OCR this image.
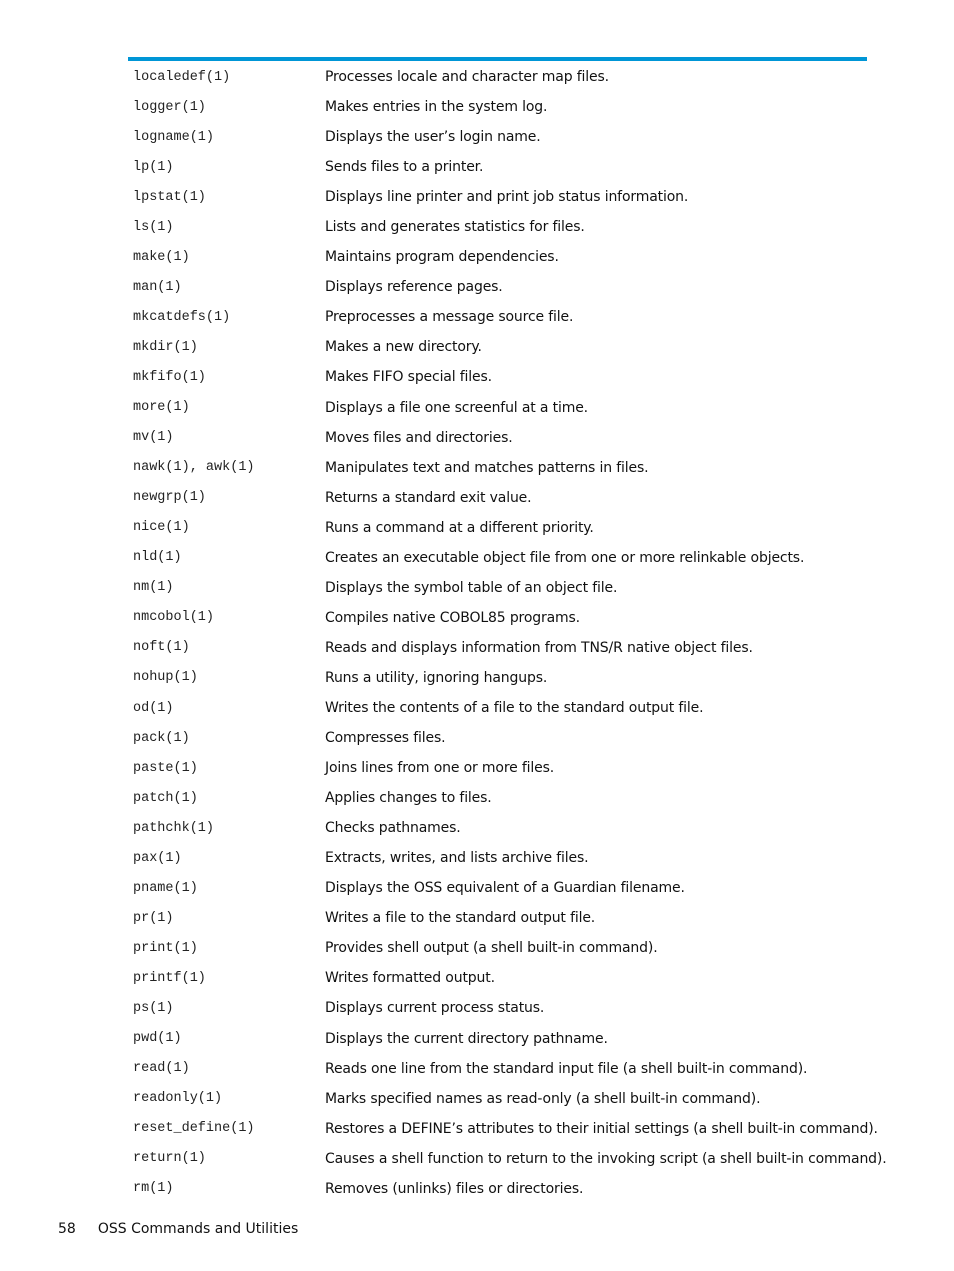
localedef(1)	Processes locale and character map files.
logger(1)	Makes entries in the system log.
logname(1)	Displays the user’s login name.
lp(1)	Sends files to a printer.
lpstat(1)	Displays line printer and print job status information.
ls(1)	Lists and generates statistics for files.
make(1)	Maintains program dependencies.
man(1)	Displays reference pages.
mkcatdefs(1)	Preprocesses a message source file.
mkdir(1)	Makes a new directory.
mkfifo(1)	Makes FIFO special files.
more(1)	Displays a file one screenful at a time.
mv(1)	Moves files and directories.
nawk(1), awk(1)	Manipulates text and matches patterns in files.
newgrp(1)	Returns a standard exit value.
nice(1)	Runs a command at a different priority.
nld(1)	Creates an executable object file from one or more relinkable objects.
nm(1)	Displays the symbol table of an object file.
nmcobol(1)	Compiles native COBOL85 programs.
noft(1)	Reads and displays information from TNS/R native object files.
nohup(1)	Runs a utility, ignoring hangups.
od(1)	Writes the contents of a file to the standard output file.
pack(1)	Compresses files.
paste(1)	Joins lines from one or more files.
patch(1)	Applies changes to files.
pathchk(1)	Checks pathnames.
pax(1)	Extracts, writes, and lists archive files.
pname(1)	Displays the OSS equivalent of a Guardian filename.
pr(1)	Writes a file to the standard output file.
print(1)	Provides shell output (a shell built-in command).
printf(1)	Writes formatted output.
ps(1)	Displays current process status.
pwd(1)	Displays the current directory pathname.
read(1)	Reads one line from the standard input file (a shell built-in command).
readonly(1)	Marks specified names as read-only (a shell built-in command).
reset_define(1)	Restores a DEFINE’s attributes to their initial settings (a shell built-in command).
return(1)	Causes a shell function to return to the invoking script (a shell built-in command).
rm(1)	Removes (unlinks) files or directories.
58 OSS Commands and Utilities
